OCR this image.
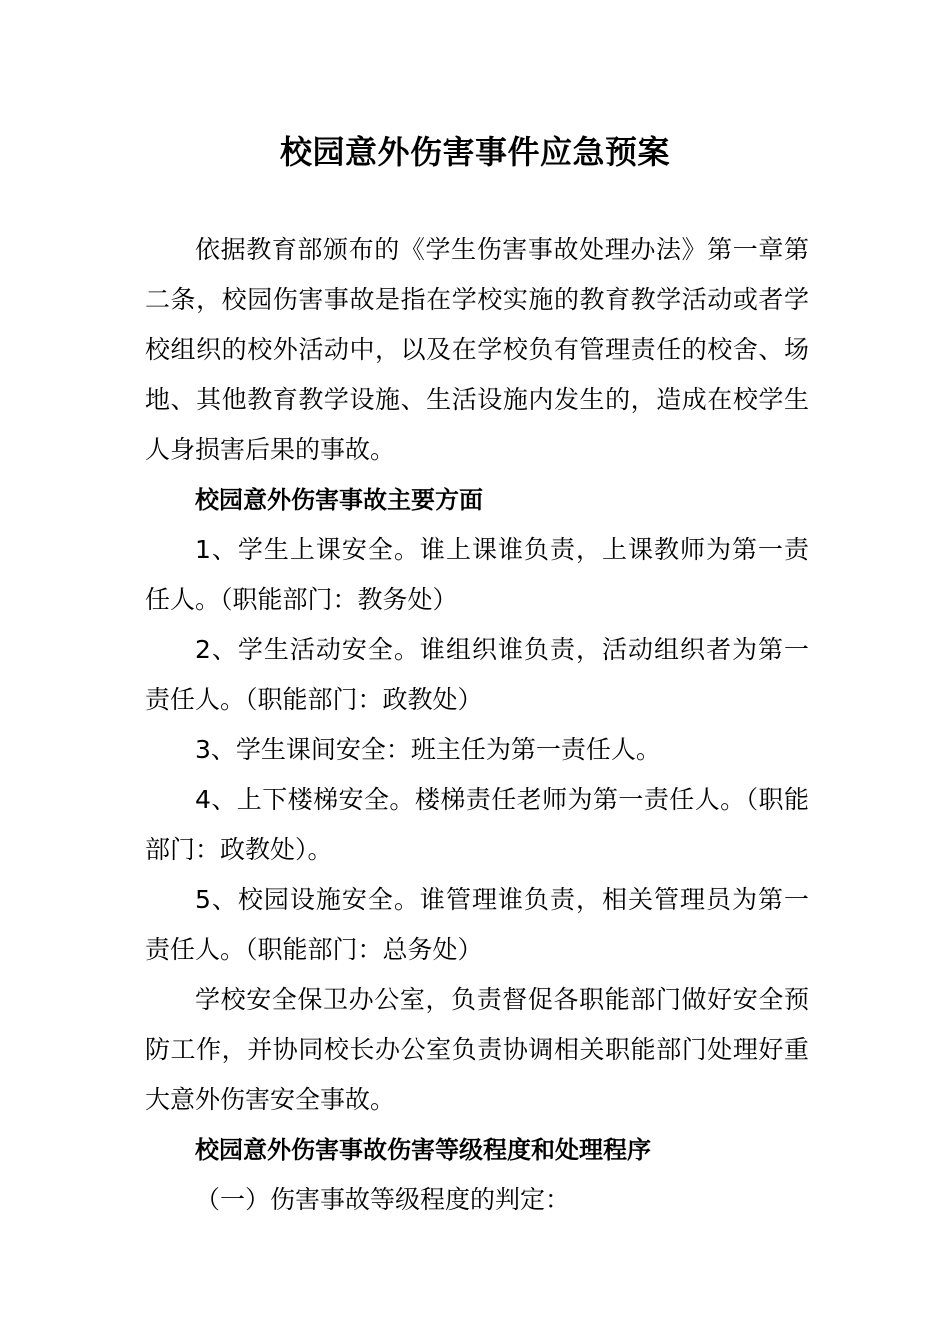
校园意外伤害事件应急预案

依据教育部颁布的《学生伤害事故处理办法》第一章第二条，校园伤害事故是指在学校实施的教育教学活动或者学校组织的校外活动中，以及在学校负有管理责任的校舍、场地、其他教育教学设施、生活设施内发生的，造成在校学生人身损害后果的事故。

校园意外伤害事故主要方面

1、学生上课安全。谁上课谁负责，上课教师为第一责任人。（职能部门：教务处）

2、学生活动安全。谁组织谁负责，活动组织者为第一责任人。（职能部门：政教处）

3、学生课间安全：班主任为第一责任人。

4、上下楼梯安全。楼梯责任老师为第一责任人。（职能部门：政教处）。

5、校园设施安全。谁管理谁负责，相关管理员为第一责任人。（职能部门：总务处）

学校安全保卫办公室，负责督促各职能部门做好安全预防工作，并协同校长办公室负责协调相关职能部门处理好重大意外伤害安全事故。

校园意外伤害事故伤害等级程度和处理程序

（一）伤害事故等级程度的判定：
